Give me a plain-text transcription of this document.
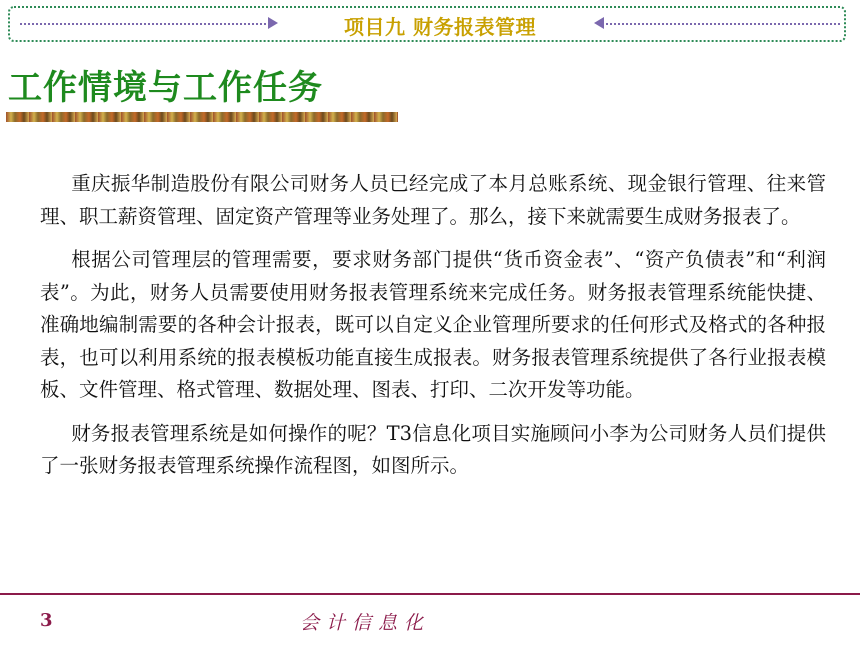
项目九 财务报表管理
工作情境与工作任务

重庆振华制造股份有限公司财务人员已经完成了本月总账系统、现金银行管理、往来管理、职工薪资管理、固定资产管理等业务处理了。那么，接下来就需要生成财务报表了。

根据公司管理层的管理需要，要求财务部门提供“货币资金表”、“资产负债表”和“利润表”。为此，财务人员需要使用财务报表管理系统来完成任务。财务报表管理系统能快捷、准确地编制需要的各种会计报表，既可以自定义企业管理所要求的任何形式及格式的各种报表，也可以利用系统的报表模板功能直接生成报表。财务报表管理系统提供了各行业报表模板、文件管理、格式管理、数据处理、图表、打印、二次开发等功能。

财务报表管理系统是如何操作的呢？T3信息化项目实施顾问小李为公司财务人员们提供了一张财务报表管理系统操作流程图，如图所示。

3	会计信息化
